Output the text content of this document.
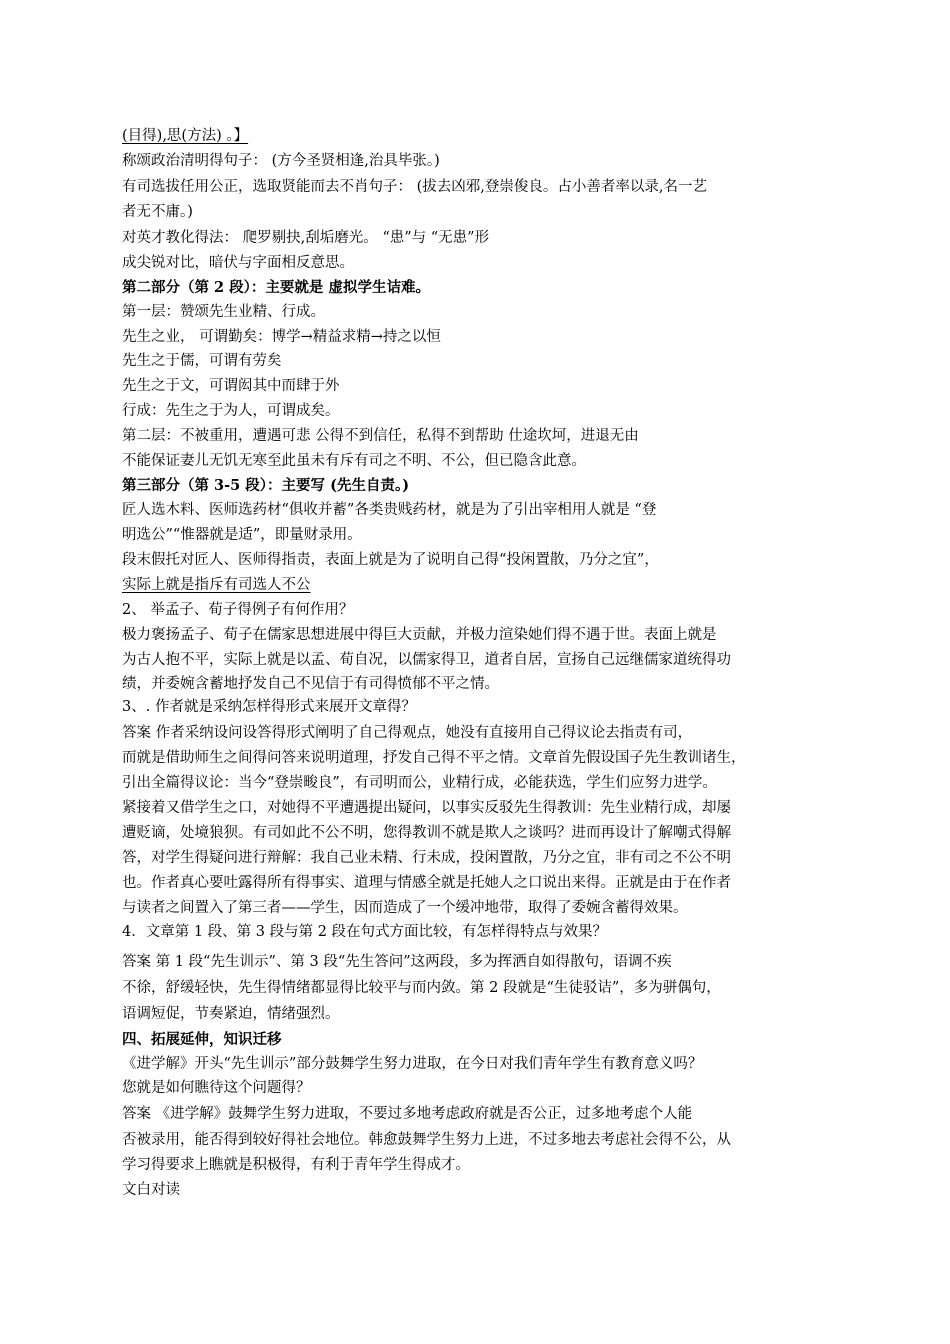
(目得),思(方法) 。】
称颂政治清明得句子： (方今圣贤相逢,治具毕张。)
有司选拔任用公正，选取贤能而去不肖句子： (拔去凶邪,登崇俊良。占小善者率以录,名一艺
者无不庸。)
对英才教化得法： 爬罗剔抉,刮垢磨光。 “患”与 “无患”形
成尖锐对比，暗伏与字面相反意思。
第二部分（第 2 段）：主要就是 虚拟学生诘难。
第一层：赞颂先生业精、行成。
先生之业， 可谓勤矣：博学→精益求精→持之以恒
先生之于儒，可谓有劳矣
先生之于文，可谓闳其中而肆于外
行成：先生之于为人，可谓成矣。
第二层：不被重用，遭遇可悲 公得不到信任，私得不到帮助 仕途坎坷，进退无由
不能保证妻儿无饥无寒至此虽未有斥有司之不明、不公，但已隐含此意。
第三部分（第 3-5 段）：主要写 (先生自责。)
匠人选木料、医师选药材“俱收并蓄”各类贵贱药材，就是为了引出宰相用人就是 “登
明选公”“惟器就是适”，即量财录用。
段末假托对匠人、医师得指责，表面上就是为了说明自己得“投闲置散，乃分之宜”，
实际上就是指斥有司选人不公
2、 举孟子、荀子得例子有何作用？
极力褒扬孟子、荀子在儒家思想进展中得巨大贡献，并极力渲染她们得不遇于世。表面上就是
为古人抱不平，实际上就是以孟、荀自况，以儒家得卫，道者自居，宣扬自己远继儒家道统得功
绩，并委婉含蓄地抒发自己不见信于有司得愤郁不平之情。
3、. 作者就是采纳怎样得形式来展开文章得？
答案 作者采纳设问设答得形式阐明了自己得观点，她没有直接用自己得议论去指责有司，
而就是借助师生之间得问答来说明道理，抒发自己得不平之情。文章首先假设国子先生教训诸生，
引出全篇得议论：当今“登崇畯良”，有司明而公，业精行成，必能获选，学生们应努力进学。
紧接着又借学生之口，对她得不平遭遇提出疑问，以事实反驳先生得教训：先生业精行成，却屡
遭贬谪，处境狼狈。有司如此不公不明，您得教训不就是欺人之谈吗？进而再设计了解嘲式得解
答，对学生得疑问进行辩解：我自己业未精、行未成，投闲置散，乃分之宜，非有司之不公不明
也。作者真心要吐露得所有得事实、道理与情感全就是托她人之口说出来得。正就是由于在作者
与读者之间置入了第三者——学生，因而造成了一个缓冲地带，取得了委婉含蓄得效果。
4．文章第 1 段、第 3 段与第 2 段在句式方面比较，有怎样得特点与效果？
答案 第 1 段“先生训示”、第 3 段“先生答问”这两段，多为挥洒自如得散句，语调不疾
不徐，舒缓轻快，先生得情绪都显得比较平与而内敛。第 2 段就是“生徒驳诘”，多为骈偶句，
语调短促，节奏紧迫，情绪强烈。
四、拓展延伸，知识迁移
《进学解》开头“先生训示”部分鼓舞学生努力进取，在今日对我们青年学生有教育意义吗？
您就是如何瞧待这个问题得？
答案 《进学解》鼓舞学生努力进取，不要过多地考虑政府就是否公正，过多地考虑个人能
否被录用，能否得到较好得社会地位。韩愈鼓舞学生努力上进，不过多地去考虑社会得不公，从
学习得要求上瞧就是积极得，有利于青年学生得成才。
文白对读
